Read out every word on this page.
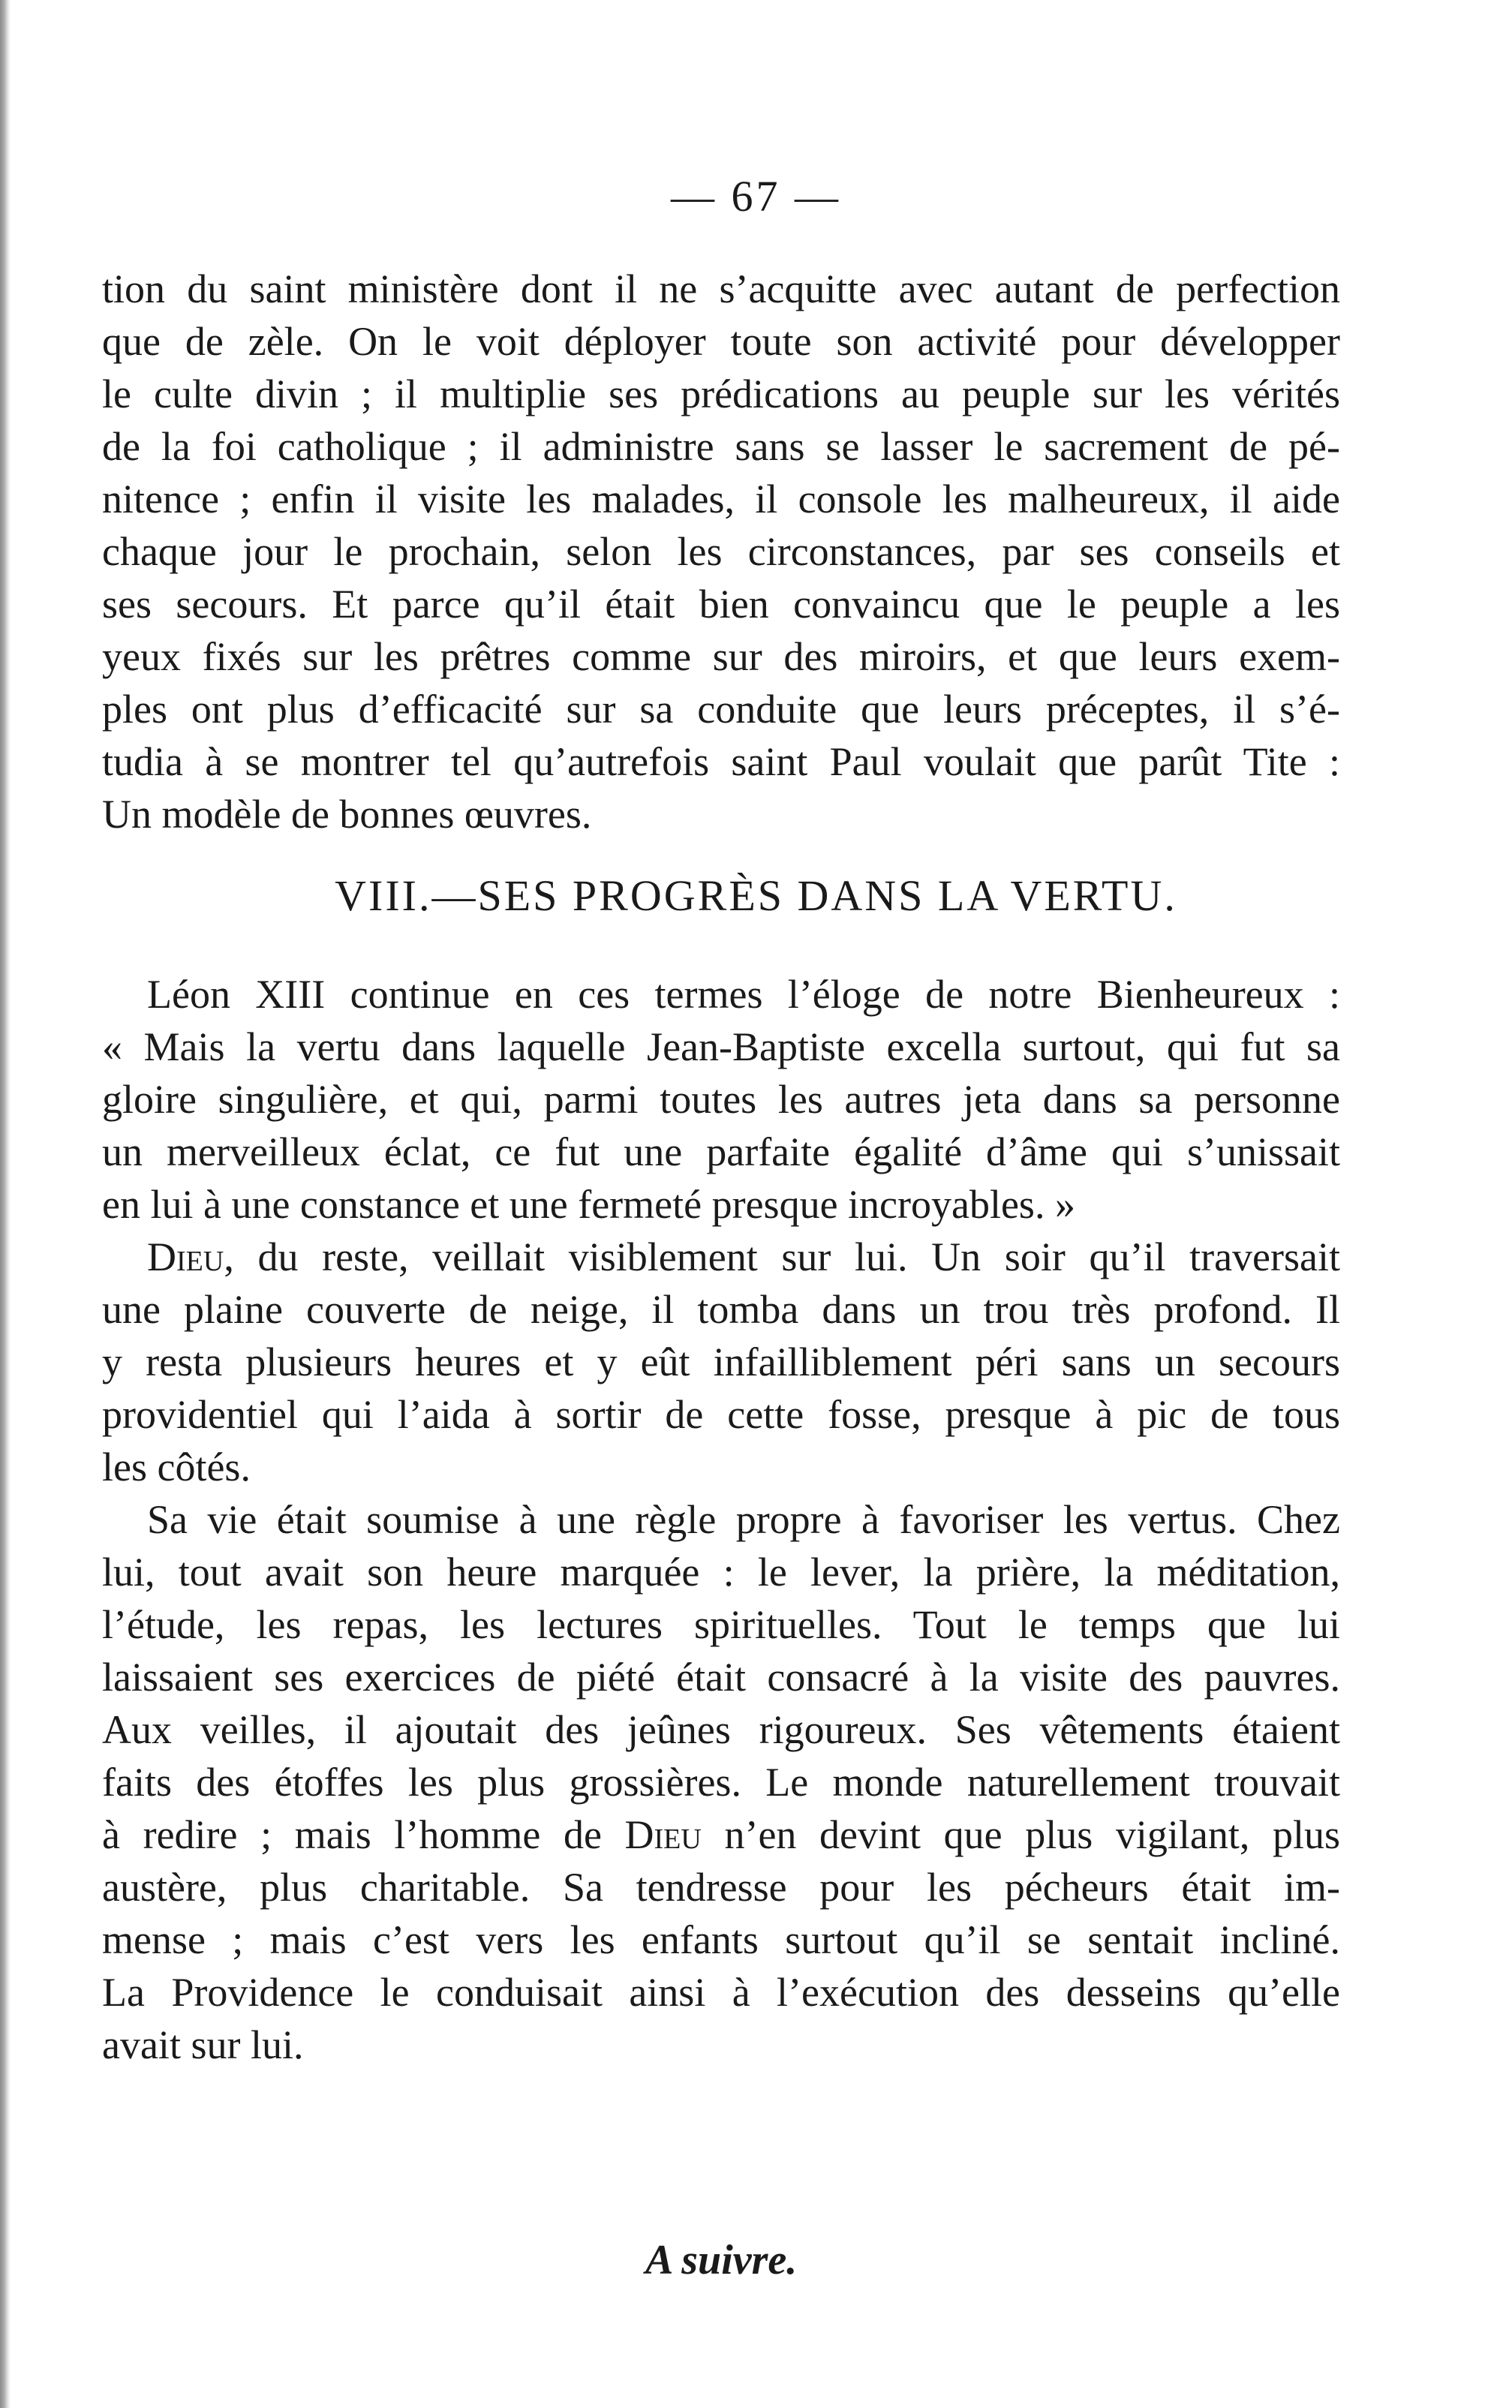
— 67 —
tion du saint ministère dont il ne s’acquitte avec autant de perfection
que de zèle. On le voit déployer toute son activité pour développer
le culte divin ; il multiplie ses prédications au peuple sur les vérités
de la foi catholique ; il administre sans se lasser le sacrement de pé-
nitence ; enfin il visite les malades, il console les malheureux, il aide
chaque jour le prochain, selon les circonstances, par ses conseils et
ses secours. Et parce qu’il était bien convaincu que le peuple a les
yeux fixés sur les prêtres comme sur des miroirs, et que leurs exem-
ples ont plus d’efficacité sur sa conduite que leurs préceptes, il s’é-
tudia à se montrer tel qu’autrefois saint Paul voulait que parût Tite :
Un modèle de bonnes œuvres.
VIII.—SES PROGRÈS DANS LA VERTU.
Léon XIII continue en ces termes l’éloge de notre Bienheureux :
« Mais la vertu dans laquelle Jean-Baptiste excella surtout, qui fut sa
gloire singulière, et qui, parmi toutes les autres jeta dans sa personne
un merveilleux éclat, ce fut une parfaite égalité d’âme qui s’unissait
en lui à une constance et une fermeté presque incroyables. »
Dieu, du reste, veillait visiblement sur lui. Un soir qu’il traversait
une plaine couverte de neige, il tomba dans un trou très profond. Il
y resta plusieurs heures et y eût infailliblement péri sans un secours
providentiel qui l’aida à sortir de cette fosse, presque à pic de tous
les côtés.
Sa vie était soumise à une règle propre à favoriser les vertus. Chez
lui, tout avait son heure marquée : le lever, la prière, la méditation,
l’étude, les repas, les lectures spirituelles. Tout le temps que lui
laissaient ses exercices de piété était consacré à la visite des pauvres.
Aux veilles, il ajoutait des jeûnes rigoureux. Ses vêtements étaient
faits des étoffes les plus grossières. Le monde naturellement trouvait
à redire ; mais l’homme de Dieu n’en devint que plus vigilant, plus
austère, plus charitable. Sa tendresse pour les pécheurs était im-
mense ; mais c’est vers les enfants surtout qu’il se sentait incliné.
La Providence le conduisait ainsi à l’exécution des desseins qu’elle
avait sur lui.
A suivre.
